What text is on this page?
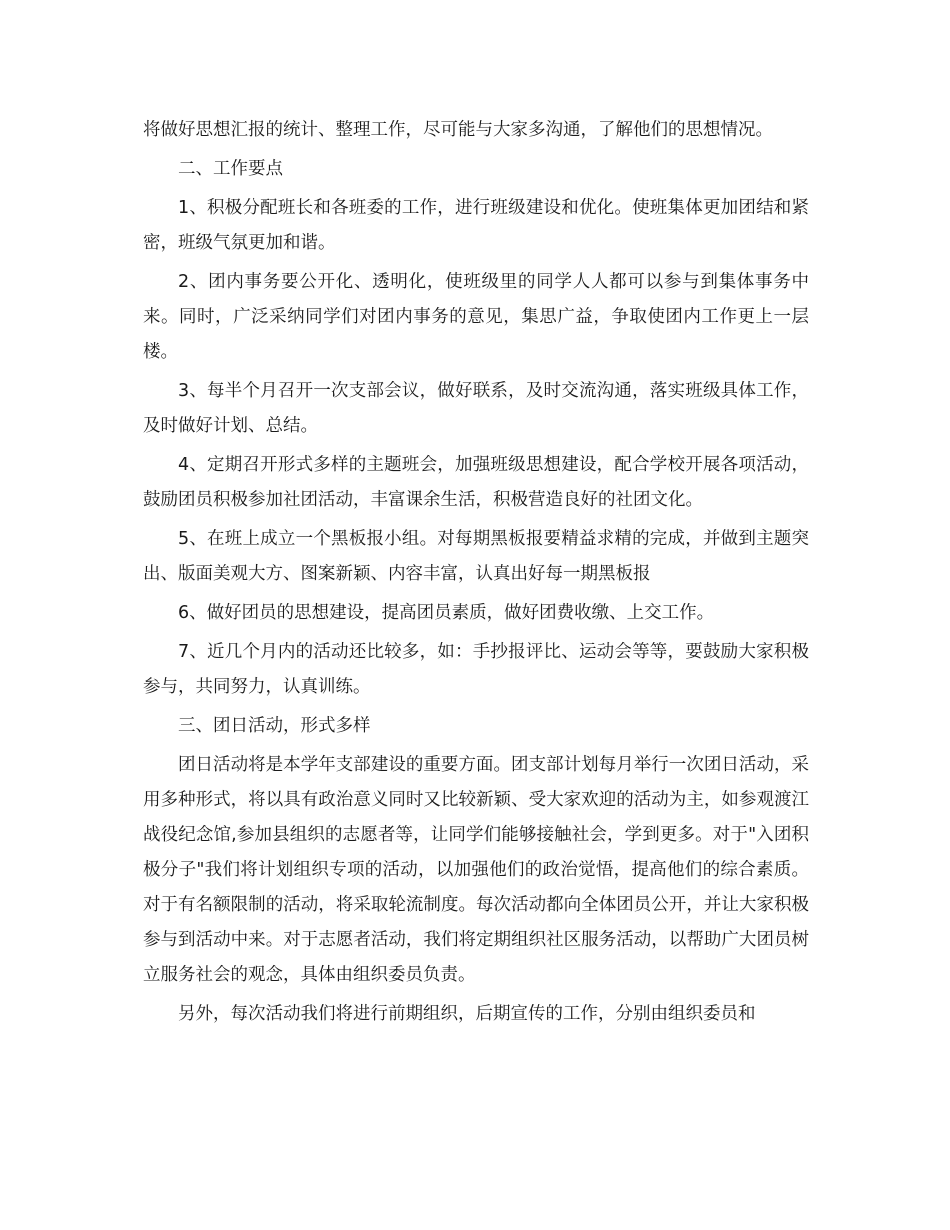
将做好思想汇报的统计、整理工作，尽可能与大家多沟通，了解他们的思想情况。

二、工作要点

1、积极分配班长和各班委的工作，进行班级建设和优化。使班集体更加团结和紧密，班级气氛更加和谐。

2、团内事务要公开化、透明化，使班级里的同学人人都可以参与到集体事务中来。同时，广泛采纳同学们对团内事务的意见，集思广益，争取使团内工作更上一层楼。

3、每半个月召开一次支部会议，做好联系，及时交流沟通，落实班级具体工作，及时做好计划、总结。

4、定期召开形式多样的主题班会，加强班级思想建设，配合学校开展各项活动，鼓励团员积极参加社团活动，丰富课余生活，积极营造良好的社团文化。

5、在班上成立一个黑板报小组。对每期黑板报要精益求精的完成，并做到主题突出、版面美观大方、图案新颖、内容丰富，认真出好每一期黑板报

6、做好团员的思想建设，提高团员素质，做好团费收缴、上交工作。

7、近几个月内的活动还比较多，如：手抄报评比、运动会等等，要鼓励大家积极参与，共同努力，认真训练。

三、团日活动，形式多样

团日活动将是本学年支部建设的重要方面。团支部计划每月举行一次团日活动，采用多种形式，将以具有政治意义同时又比较新颖、受大家欢迎的活动为主，如参观渡江战役纪念馆,参加县组织的志愿者等，让同学们能够接触社会，学到更多。对于"入团积极分子"我们将计划组织专项的活动，以加强他们的政治觉悟，提高他们的综合素质。对于有名额限制的活动，将采取轮流制度。每次活动都向全体团员公开，并让大家积极参与到活动中来。对于志愿者活动，我们将定期组织社区服务活动，以帮助广大团员树立服务社会的观念，具体由组织委员负责。

另外，每次活动我们将进行前期组织，后期宣传的工作，分别由组织委员和
